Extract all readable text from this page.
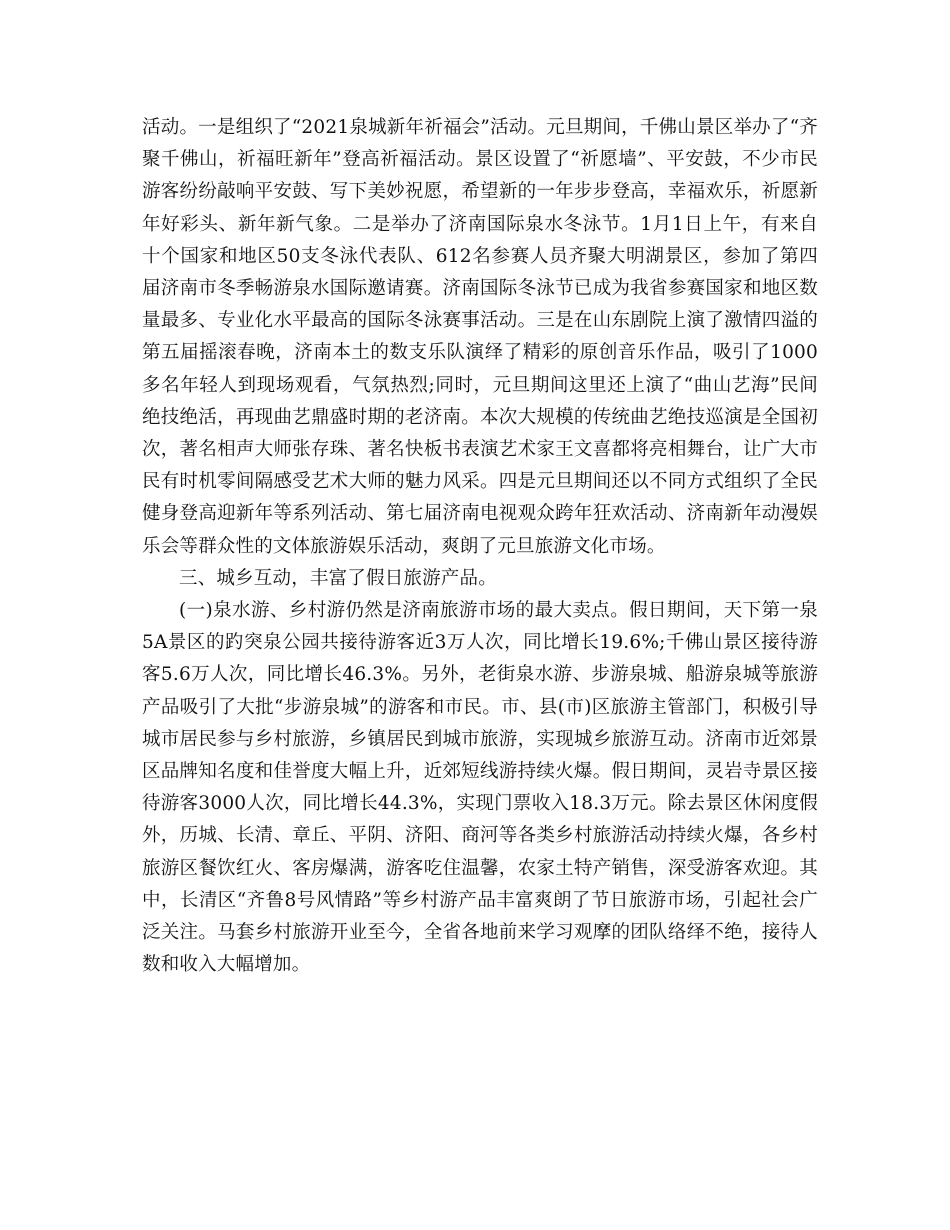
活动。一是组织了“2021泉城新年祈福会”活动。元旦期间，千佛山景区举办了“齐聚千佛山，祈福旺新年”登高祈福活动。景区设置了“祈愿墙”、平安鼓，不少市民游客纷纷敲响平安鼓、写下美妙祝愿，希望新的一年步步登高，幸福欢乐，祈愿新年好彩头、新年新气象。二是举办了济南国际泉水冬泳节。1月1日上午，有来自十个国家和地区50支冬泳代表队、612名参赛人员齐聚大明湖景区，参加了第四届济南市冬季畅游泉水国际邀请赛。济南国际冬泳节已成为我省参赛国家和地区数量最多、专业化水平最高的国际冬泳赛事活动。三是在山东剧院上演了激情四溢的第五届摇滚春晚，济南本土的数支乐队演绎了精彩的原创音乐作品，吸引了1000多名年轻人到现场观看，气氛热烈;同时，元旦期间这里还上演了“曲山艺海”民间绝技绝活，再现曲艺鼎盛时期的老济南。本次大规模的传统曲艺绝技巡演是全国初次，著名相声大师张存珠、著名快板书表演艺术家王文喜都将亮相舞台，让广大市民有时机零间隔感受艺术大师的魅力风采。四是元旦期间还以不同方式组织了全民健身登高迎新年等系列活动、第七届济南电视观众跨年狂欢活动、济南新年动漫娱乐会等群众性的文体旅游娱乐活动，爽朗了元旦旅游文化市场。

三、城乡互动，丰富了假日旅游产品。

(一)泉水游、乡村游仍然是济南旅游市场的最大卖点。假日期间，天下第一泉5A景区的趵突泉公园共接待游客近3万人次，同比增长19.6%;千佛山景区接待游客5.6万人次，同比增长46.3%。另外，老街泉水游、步游泉城、船游泉城等旅游产品吸引了大批“步游泉城”的游客和市民。市、县(市)区旅游主管部门，积极引导城市居民参与乡村旅游，乡镇居民到城市旅游，实现城乡旅游互动。济南市近郊景区品牌知名度和佳誉度大幅上升，近郊短线游持续火爆。假日期间，灵岩寺景区接待游客3000人次，同比增长44.3%，实现门票收入18.3万元。除去景区休闲度假外，历城、长清、章丘、平阴、济阳、商河等各类乡村旅游活动持续火爆，各乡村旅游区餐饮红火、客房爆满，游客吃住温馨，农家土特产销售，深受游客欢迎。其中，长清区“齐鲁8号风情路”等乡村游产品丰富爽朗了节日旅游市场，引起社会广泛关注。马套乡村旅游开业至今，全省各地前来学习观摩的团队络绎不绝，接待人数和收入大幅增加。
